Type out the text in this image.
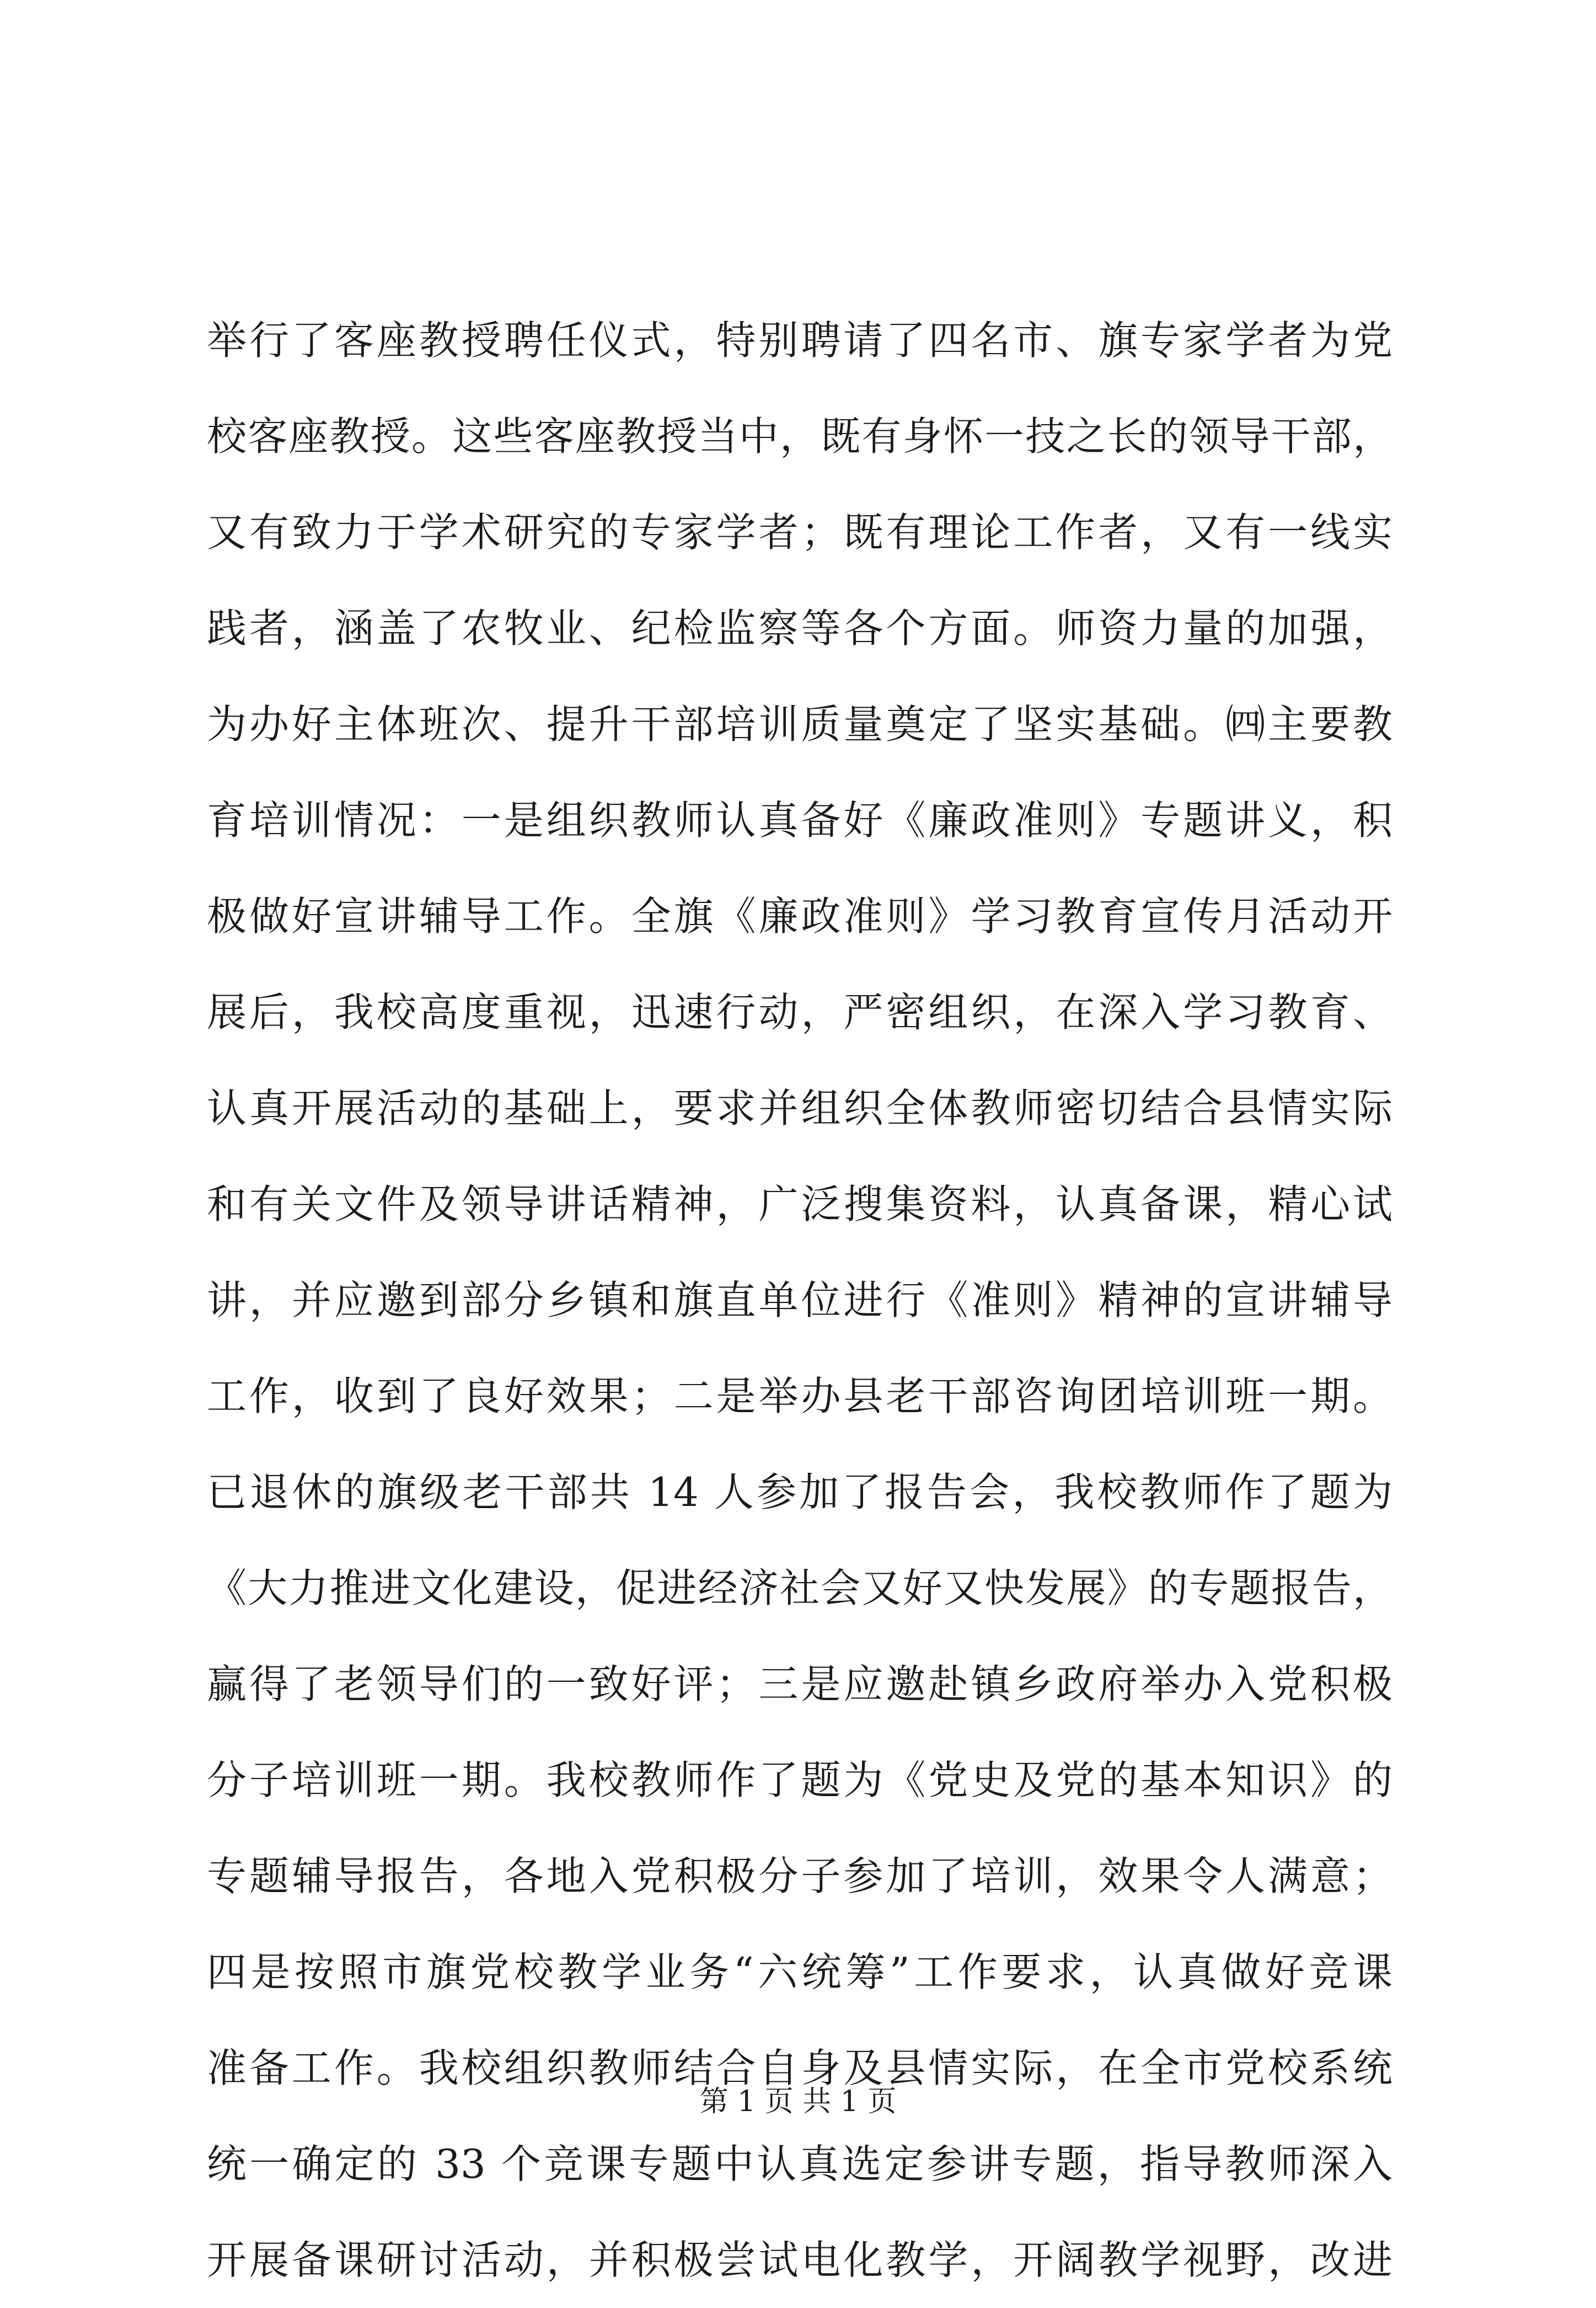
举行了客座教授聘任仪式，特别聘请了四名市、旗专家学者为党
校客座教授。这些客座教授当中，既有身怀一技之长的领导干部，
又有致力于学术研究的专家学者；既有理论工作者，又有一线实
践者，涵盖了农牧业、纪检监察等各个方面。师资力量的加强，
为办好主体班次、提升干部培训质量奠定了坚实基础。㈣主要教
育培训情况：一是组织教师认真备好《廉政准则》专题讲义，积
极做好宣讲辅导工作。全旗《廉政准则》学习教育宣传月活动开
展后，我校高度重视，迅速行动，严密组织，在深入学习教育、
认真开展活动的基础上，要求并组织全体教师密切结合县情实际
和有关文件及领导讲话精神，广泛搜集资料，认真备课，精心试
讲，并应邀到部分乡镇和旗直单位进行《准则》精神的宣讲辅导
工作，收到了良好效果；二是举办县老干部咨询团培训班一期。
已退休的旗级老干部共 14 人参加了报告会，我校教师作了题为
《大力推进文化建设，促进经济社会又好又快发展》的专题报告，
赢得了老领导们的一致好评；三是应邀赴镇乡政府举办入党积极
分子培训班一期。我校教师作了题为《党史及党的基本知识》的
专题辅导报告，各地入党积极分子参加了培训，效果令人满意；
四是按照市旗党校教学业务“六统筹”工作要求，认真做好竞课
准备工作。我校组织教师结合自身及县情实际，在全市党校系统
统一确定的 33 个竞课专题中认真选定参讲专题，指导教师深入
开展备课研讨活动，并积极尝试电化教学，开阔教学视野，改进
第 1 页 共 1 页
